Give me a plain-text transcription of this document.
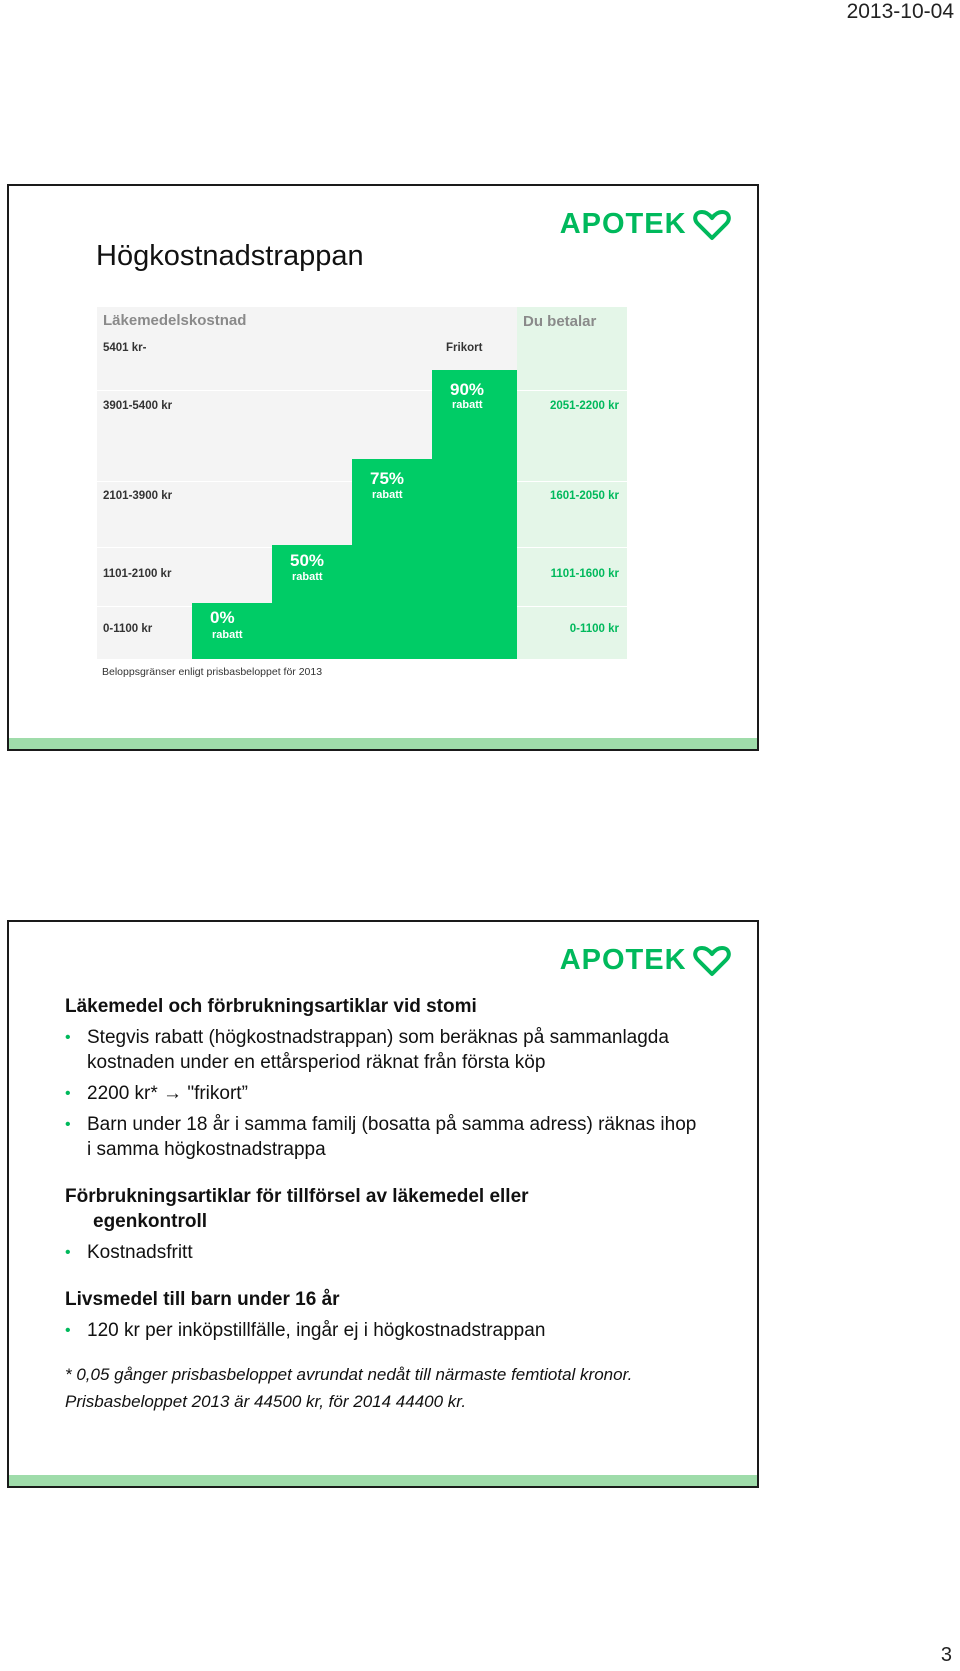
2013-10-04
APOTEK
Högkostnadstrappan
Läkemedelskostnad	Du betalar
5401 kr-
3901-5400 kr
2101-3900 kr
1101-2100 kr
0-1100 kr
Frikort
0%
rabatt
50%
rabatt
75%
rabatt
90%
rabatt	2051-2200 kr
1601-2050 kr
1101-1600 kr
0-1100 kr
Beloppsgränser enligt prisbasbeloppet för 2013
APOTEK

Läkemedel och förbrukningsartiklar vid stomi

• Stegvis rabatt (högkostnadstrappan) som beräknas på sammanlagda kostnaden under en ettårsperiod räknat från första köp
• 2200 kr* → "frikort”
• Barn under 18 år i samma familj (bosatta på samma adress) räknas ihop i samma högkostnadstrappa

Förbrukningsartiklar för tillförsel av läkemedel eller
egenkontroll

• Kostnadsfritt

Livsmedel till barn under 16 år

• 120 kr per inköpstillfälle, ingår ej i högkostnadstrappan
* 0,05 gånger prisbasbeloppet avrundat nedåt till närmaste femtiotal kronor.
Prisbasbeloppet 2013 är 44500 kr, för 2014 44400 kr.
3
